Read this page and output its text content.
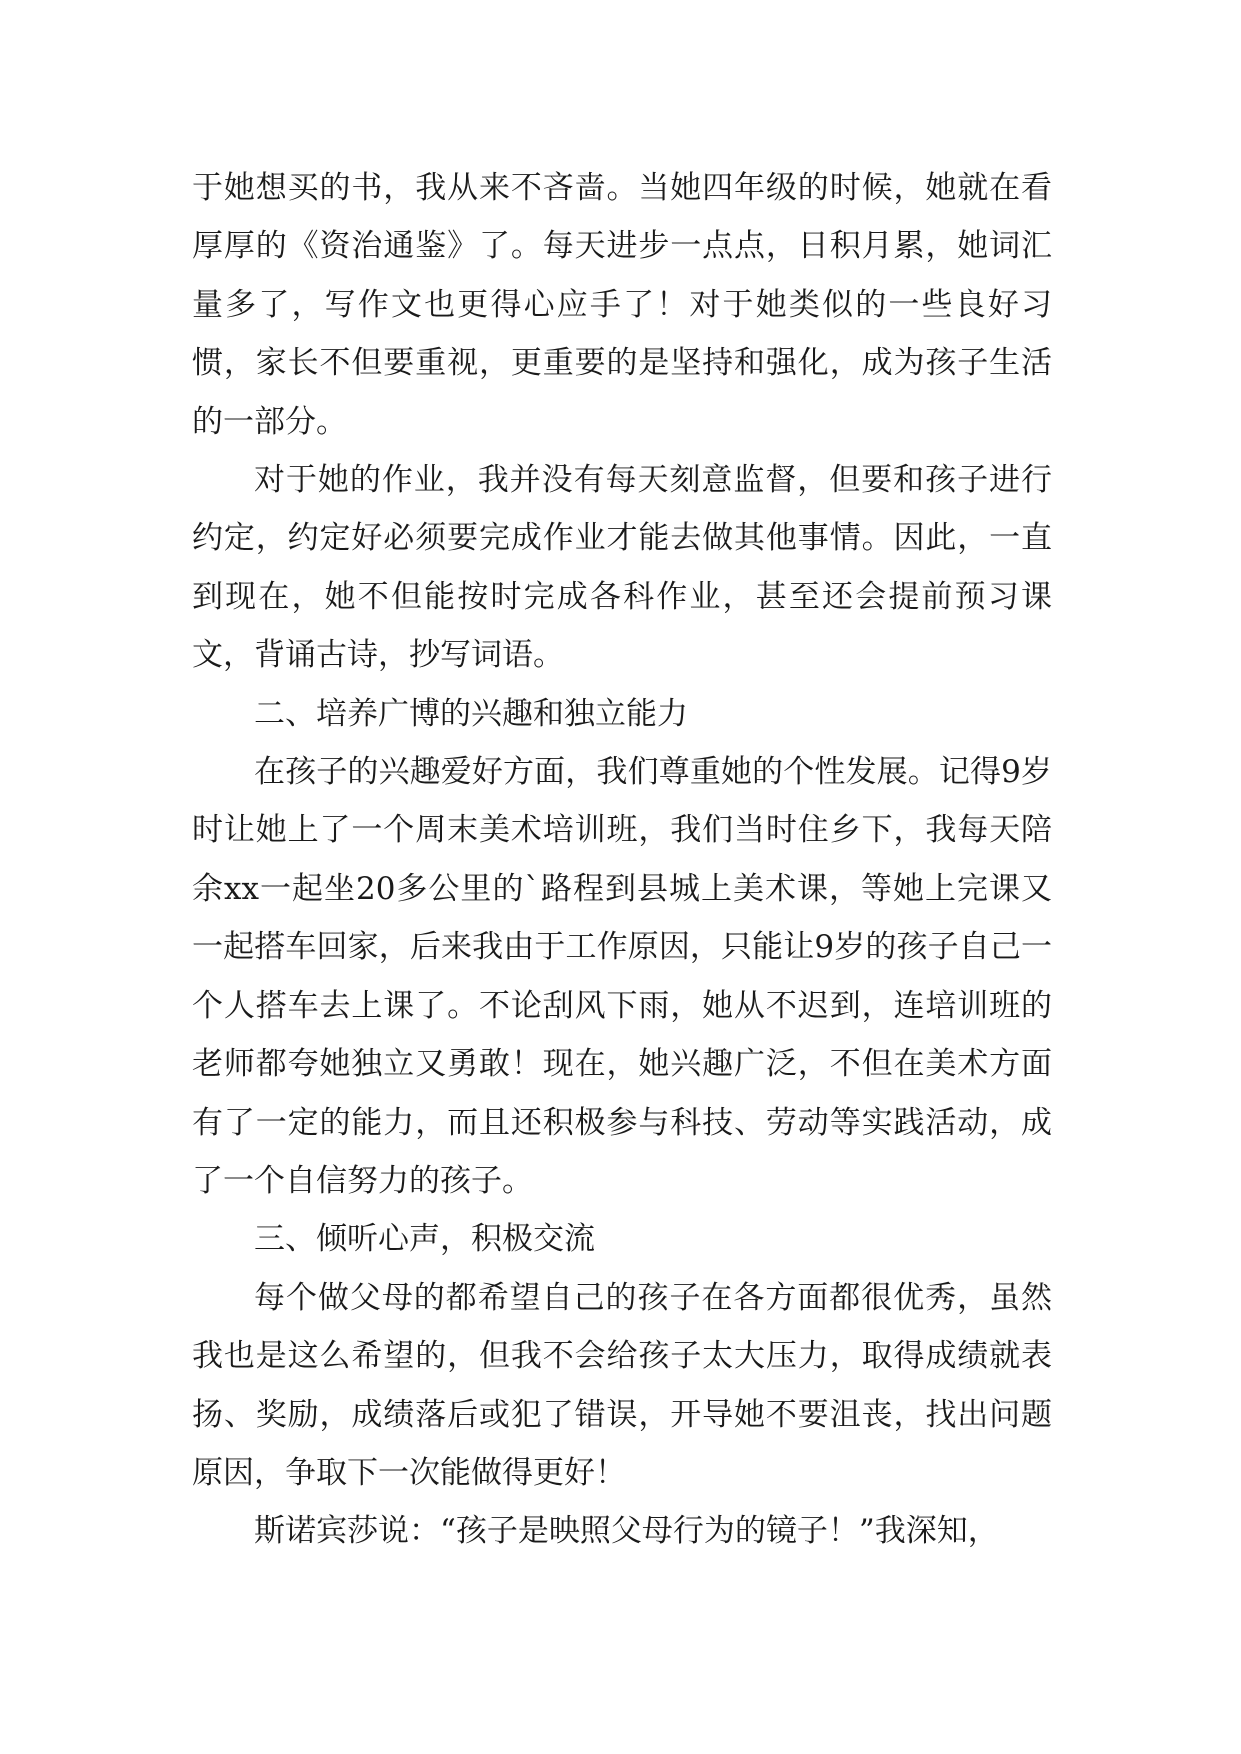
于她想买的书，我从来不吝啬。当她四年级的时候，她就在看厚厚的《资治通鉴》了。每天进步一点点，日积月累，她词汇量多了，写作文也更得心应手了！对于她类似的一些良好习惯，家长不但要重视，更重要的是坚持和强化，成为孩子生活的一部分。

对于她的作业，我并没有每天刻意监督，但要和孩子进行约定，约定好必须要完成作业才能去做其他事情。因此，一直到现在，她不但能按时完成各科作业，甚至还会提前预习课文，背诵古诗，抄写词语。

二、培养广博的兴趣和独立能力

在孩子的兴趣爱好方面，我们尊重她的个性发展。记得9岁时让她上了一个周末美术培训班，我们当时住乡下，我每天陪余xx一起坐20多公里的`路程到县城上美术课，等她上完课又一起搭车回家，后来我由于工作原因，只能让9岁的孩子自己一个人搭车去上课了。不论刮风下雨，她从不迟到，连培训班的老师都夸她独立又勇敢！现在，她兴趣广泛，不但在美术方面有了一定的能力，而且还积极参与科技、劳动等实践活动，成了一个自信努力的孩子。

三、倾听心声，积极交流

每个做父母的都希望自己的孩子在各方面都很优秀，虽然我也是这么希望的，但我不会给孩子太大压力，取得成绩就表扬、奖励，成绩落后或犯了错误，开导她不要沮丧，找出问题原因，争取下一次能做得更好！

斯诺宾莎说：“孩子是映照父母行为的镜子！”我深知，
